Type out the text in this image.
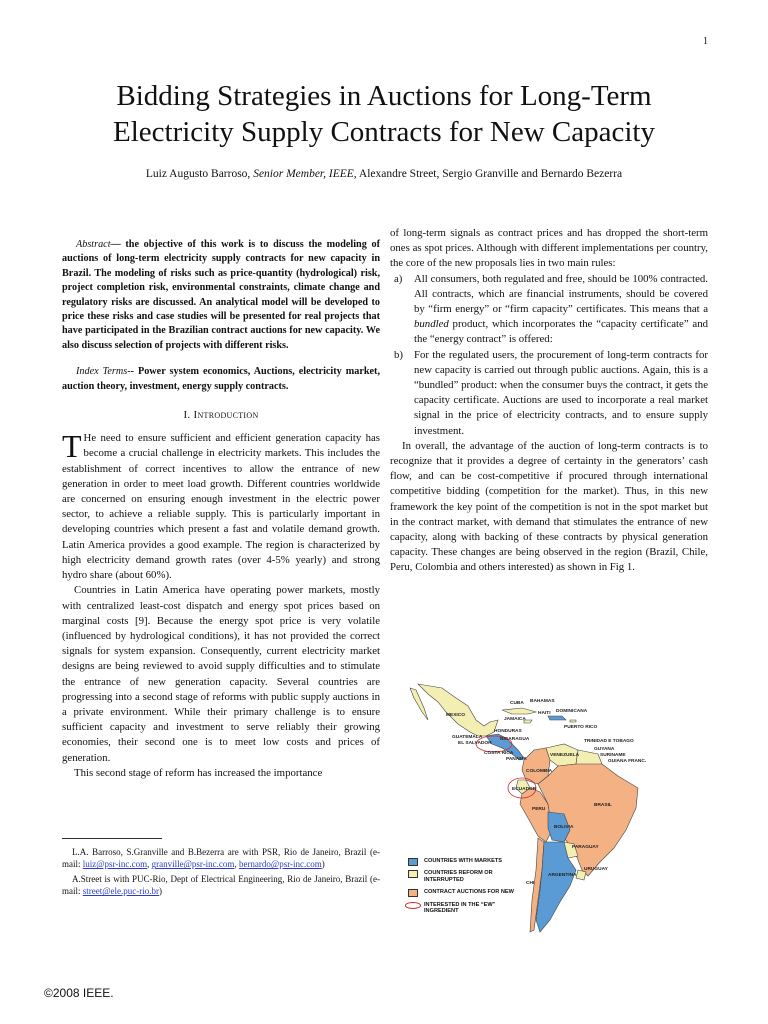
1
Bidding Strategies in Auctions for Long-Term Electricity Supply Contracts for New Capacity
Luiz Augusto Barroso, Senior Member, IEEE, Alexandre Street, Sergio Granville and Bernardo Bezerra

Abstract— the objective of this work is to discuss the modeling of auctions of long-term electricity supply contracts for new capacity in Brazil. The modeling of risks such as price-quantity (hydrological) risk, project completion risk, environmental constraints, climate change and regulatory risks are discussed. An analytical model will be developed to price these risks and case studies will be presented for real projects that have participated in the Brazilian contract auctions for new capacity. We also discuss selection of projects with different risks.

Index Terms-- Power system economics, Auctions, electricity market, auction theory, investment, energy supply contracts.

I. Introduction

T He need to ensure sufficient and efficient generation capacity has become a crucial challenge in electricity markets. This includes the establishment of correct incentives to allow the entrance of new generation in order to meet load growth. Different countries worldwide are concerned on ensuring enough investment in the electric power sector, to achieve a reliable supply. This is particularly important in developing countries which present a fast and volatile demand growth. Latin America provides a good example. The region is characterized by high electricity demand growth rates (over 4-5% yearly) and strong hydro share (about 60%).

Countries in Latin America have operating power markets, mostly with centralized least-cost dispatch and energy spot prices based on marginal costs [9]. Because the energy spot price is very volatile (influenced by hydrological conditions), it has not provided the correct signals for system expansion. Consequently, current electricity market designs are being reviewed to avoid supply difficulties and to stimulate the entrance of new generation capacity. Several countries are progressing into a second stage of reforms with public supply auctions in a private environment. While their primary challenge is to ensure sufficient capacity and investment to serve reliably their growing economies, their second one is to meet low costs and prices of generation.

This second stage of reform has increased the importance

L.A. Barroso, S.Granville and B.Bezerra are with PSR, Rio de Janeiro, Brazil (e-mail: luiz@psr-inc.com, granville@psr-inc.com, bernardo@psr-inc.com)

A.Street is with PUC-Rio, Dept of Electrical Engineering, Rio de Janeiro, Brazil (e-mail: street@ele.puc-rio.br)

of long-term signals as contract prices and has dropped the short-term ones as spot prices. Although with different implementations per country, the core of the new proposals lies in two main rules:

a) All consumers, both regulated and free, should be 100% contracted. All contracts, which are financial instruments, should be covered by “firm energy” or “firm capacity” certificates. This means that a bundled product, which incorporates the “capacity certificate” and the “energy contract” is offered:
b) For the regulated users, the procurement of long-term contracts for new capacity is carried out through public auctions. Again, this is a “bundled” product: when the consumer buys the contract, it gets the capacity certificate. Auctions are used to incorporate a real market signal in the price of electricity contracts, and to ensure supply investment.

In overall, the advantage of the auction of long-term contracts is to recognize that it provides a degree of certainty in the generators’ cash flow, and can be cost-competitive if procured through international competitive bidding (competition for the market). Thus, in this new framework the key point of the competition is not in the spot market but in the contract market, with demand that stimulates the entrance of new capacity, along with backing of these contracts by physical generation capacity. These changes are being observed in the region (Brazil, Chile, Peru, Colombia and others interested) as shown in Fig 1.

MEXICO
CUBA BAHAMAS
JAMAICA
HAITI DOMINICANA
PUERTO RICO
GUATEMALA
EL SALVADOR
HONDURAS
NICARAGUA
COSTA RICA
PANAMA
TRINIDAD E TOBAGO
GUYANA
SURINAME
GUIANA FRANC.
VENEZUELA
COLOMBIA
ECUADOR
PERU
BRASIL
BOLIVIA
PARAGUAY
CHI
ARGENTINA
URUGUAY
COUNTRIES WITH MARKETS
COUNTRIES REFORM OR INTERRUPTED
CONTRACT AUCTIONS FOR NEW
INTERESTED IN THE “EW” INGREDIENT
©2008 IEEE.
